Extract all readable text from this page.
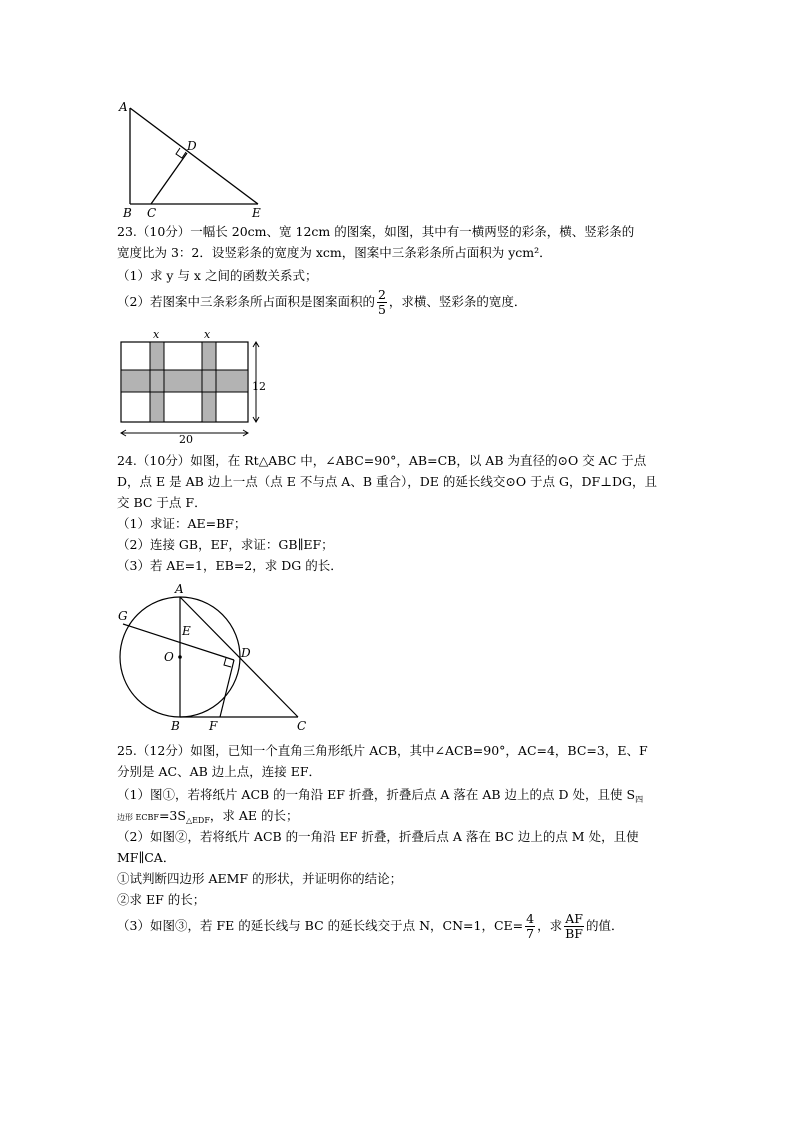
A
D
B C	E
23.（10分）一幅长 20cm、宽 12cm 的图案，如图，其中有一横两竖的彩条，横、竖彩条的
宽度比为 3：2．设竖彩条的宽度为 xcm，图案中三条彩条所占面积为 ycm²．
（1）求 y 与 x 之间的函数关系式；
（2）若图案中三条彩条所占面积是图案面积的 $\frac{2}{5}$ ，求横、竖彩条的宽度．
x	x
12
20
24.（10分）如图，在 Rt△ABC 中，∠ABC=90°，AB=CB，以 AB 为直径的⊙O 交 AC 于点
D，点 E 是 AB 边上一点（点 E 不与点 A、B 重合），DE 的延长线交⊙O 于点 G，DF⊥DG，且
交 BC 于点 F．
（1）求证：AE=BF；
（2）连接 GB，EF，求证：GB∥EF；
（3）若 AE=1，EB=2，求 DG 的长．
A
G
E
O	D
B F	C
25.（12分）如图，已知一个直角三角形纸片 ACB，其中∠ACB=90°，AC=4，BC=3，E、F
分别是 AC、AB 边上点，连接 EF．
（1）图①，若将纸片 ACB 的一角沿 EF 折叠，折叠后点 A 落在 AB 边上的点 D 处，且使 $S_四$
边形 $ECBF=3S_{\triangle EDF}$，求 AE 的长；
（2）如图②，若将纸片 ACB 的一角沿 EF 折叠，折叠后点 A 落在 BC 边上的点 M 处，且使
MF∥CA．
①试判断四边形 AEMF 的形状，并证明你的结论；
②求 EF 的长；
（3）如图③，若 FE 的延长线与 BC 的延长线交于点 N，CN=1，$CE= \frac{4}{7}$ ，求 $\frac{AF}{BF}$ 的值．
